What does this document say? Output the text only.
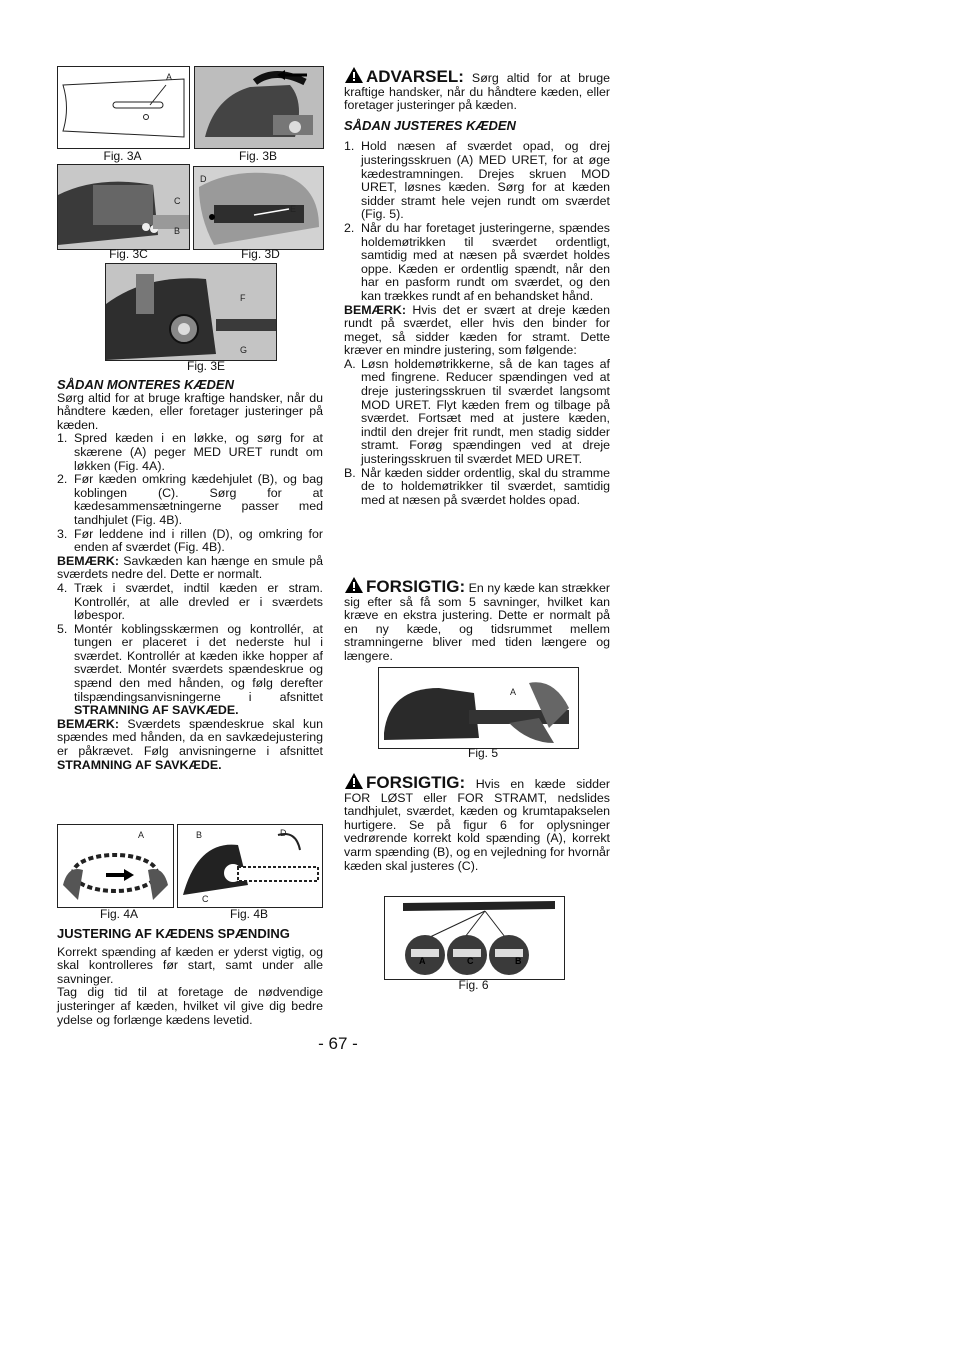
A
Fig. 3A	Fig. 3B
C
B
Fig. 3C
D
E
Fig. 3D
F
G
Fig. 3E
SÅDAN MONTERES KÆDEN

Sørg altid for at bruge kraftige handsker, når du håndtere kæden, eller foretager justeringer på kæden.

1. Spred kæden i en løkke, og sørg for at skærene (A) peger MED URET rundt om løkken (Fig. 4A).
2. Før kæden omkring kædehjulet (B), og bag koblingen (C). Sørg for at kædesammensætningerne passer med tandhjulet (Fig. 4B).
3. Før leddene ind i rillen (D), og omkring for enden af sværdet (Fig. 4B).

BEMÆRK: Savkæden kan hænge en smule på sværdets nedre del. Dette er normalt.

4. Træk i sværdet, indtil kæden er stram. Kontrollér, at alle drevled er i sværdets løbespor.
5. Montér koblingsskærmen og kontrollér, at tungen er placeret i det nederste hul i sværdet. Kontrollér at kæden ikke hopper af sværdet. Montér sværdets spændeskrue og spænd den med hånden, og følg derefter tilspændingsanvisningerne i afsnittet STRAMNING AF SAVKÆDE.

BEMÆRK: Sværdets spændeskrue skal kun spændes med hånden, da en savkædejustering er påkrævet. Følg anvisningerne i afsnittet STRAMNING AF SAVKÆDE.

A
Fig. 4A
B	D
C
Fig. 4B
JUSTERING AF KÆDENS SPÆNDING

Korrekt spænding af kæden er yderst vigtig, og skal kontrolleres før start, samt under alle savninger.

Tag dig tid til at foretage de nødvendige justeringer af kæden, hvilket vil give dig bedre ydelse og forlænge kædens levetid.

ADVARSEL: Sørg altid for at bruge kraftige handsker, når du håndtere kæden, eller foretager justeringer på kæden.

SÅDAN JUSTERES KÆDEN
1. Hold næsen af sværdet opad, og drej justeringsskruen (A) MED URET, for at øge kædestramningen. Drejes skruen MOD URET, løsnes kæden. Sørg for at kæden sidder stramt hele vejen rundt om sværdet (Fig. 5).
2. Når du har foretaget justeringerne, spændes holdemøtrikken til sværdet ordentligt, samtidig med at næsen på sværdet holdes oppe. Kæden er ordentlig spændt, når den har en pasform rundt om sværdet, og den kan trækkes rundt af en behandsket hånd.

BEMÆRK: Hvis det er svært at dreje kæden rundt på sværdet, eller hvis den binder for meget, så sidder kæden for stramt. Dette kræver en mindre justering, som følgende:

A. Løsn holdemøtrikkerne, så de kan tages af med fingrene. Reducer spændingen ved at dreje justeringsskruen til sværdet langsomt MOD URET. Flyt kæden frem og tilbage på sværdet. Fortsæt med at justere kæden, indtil den drejer frit rundt, men stadig sidder stramt. Forøg spændingen ved at dreje justeringsskruen til sværdet MED URET.
B. Når kæden sidder ordentlig, skal du stramme de to holdemøtrikker til sværdet, samtidig med at næsen på sværdet holdes opad.

FORSIGTIG: En ny kæde kan strækker sig efter så få som 5 savninger, hvilket kan kræve en ekstra justering. Dette er normalt på en ny kæde, og tidsrummet mellem stramningerne bliver med tiden længere og længere.

A
Fig. 5

FORSIGTIG: Hvis en kæde sidder FOR LØST eller FOR STRAMT, nedslides tandhjulet, sværdet, kæden og krumtapakselen hurtigere. Se på figur 6 for oplysninger vedrørende korrekt kold spænding (A), korrekt varm spænding (B), og en vejledning for hvornår kæden skal justeres (C).

A	C	B
Fig. 6
- 67 -
